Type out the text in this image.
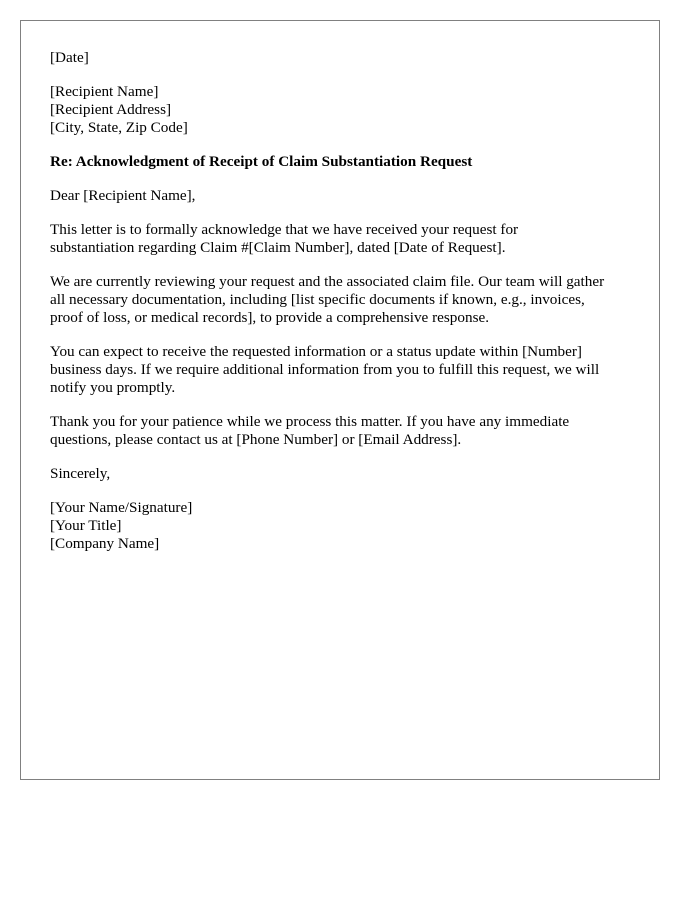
[Date]
[Recipient Name]
[Recipient Address]
[City, State, Zip Code]
Re: Acknowledgment of Receipt of Claim Substantiation Request
Dear [Recipient Name],
This letter is to formally acknowledge that we have received your request for
substantiation regarding Claim #[Claim Number], dated [Date of Request].
We are currently reviewing your request and the associated claim file. Our team will gather
all necessary documentation, including [list specific documents if known, e.g., invoices,
proof of loss, or medical records], to provide a comprehensive response.
You can expect to receive the requested information or a status update within [Number]
business days. If we require additional information from you to fulfill this request, we will
notify you promptly.
Thank you for your patience while we process this matter. If you have any immediate
questions, please contact us at [Phone Number] or [Email Address].
Sincerely,
[Your Name/Signature]
[Your Title]
[Company Name]
